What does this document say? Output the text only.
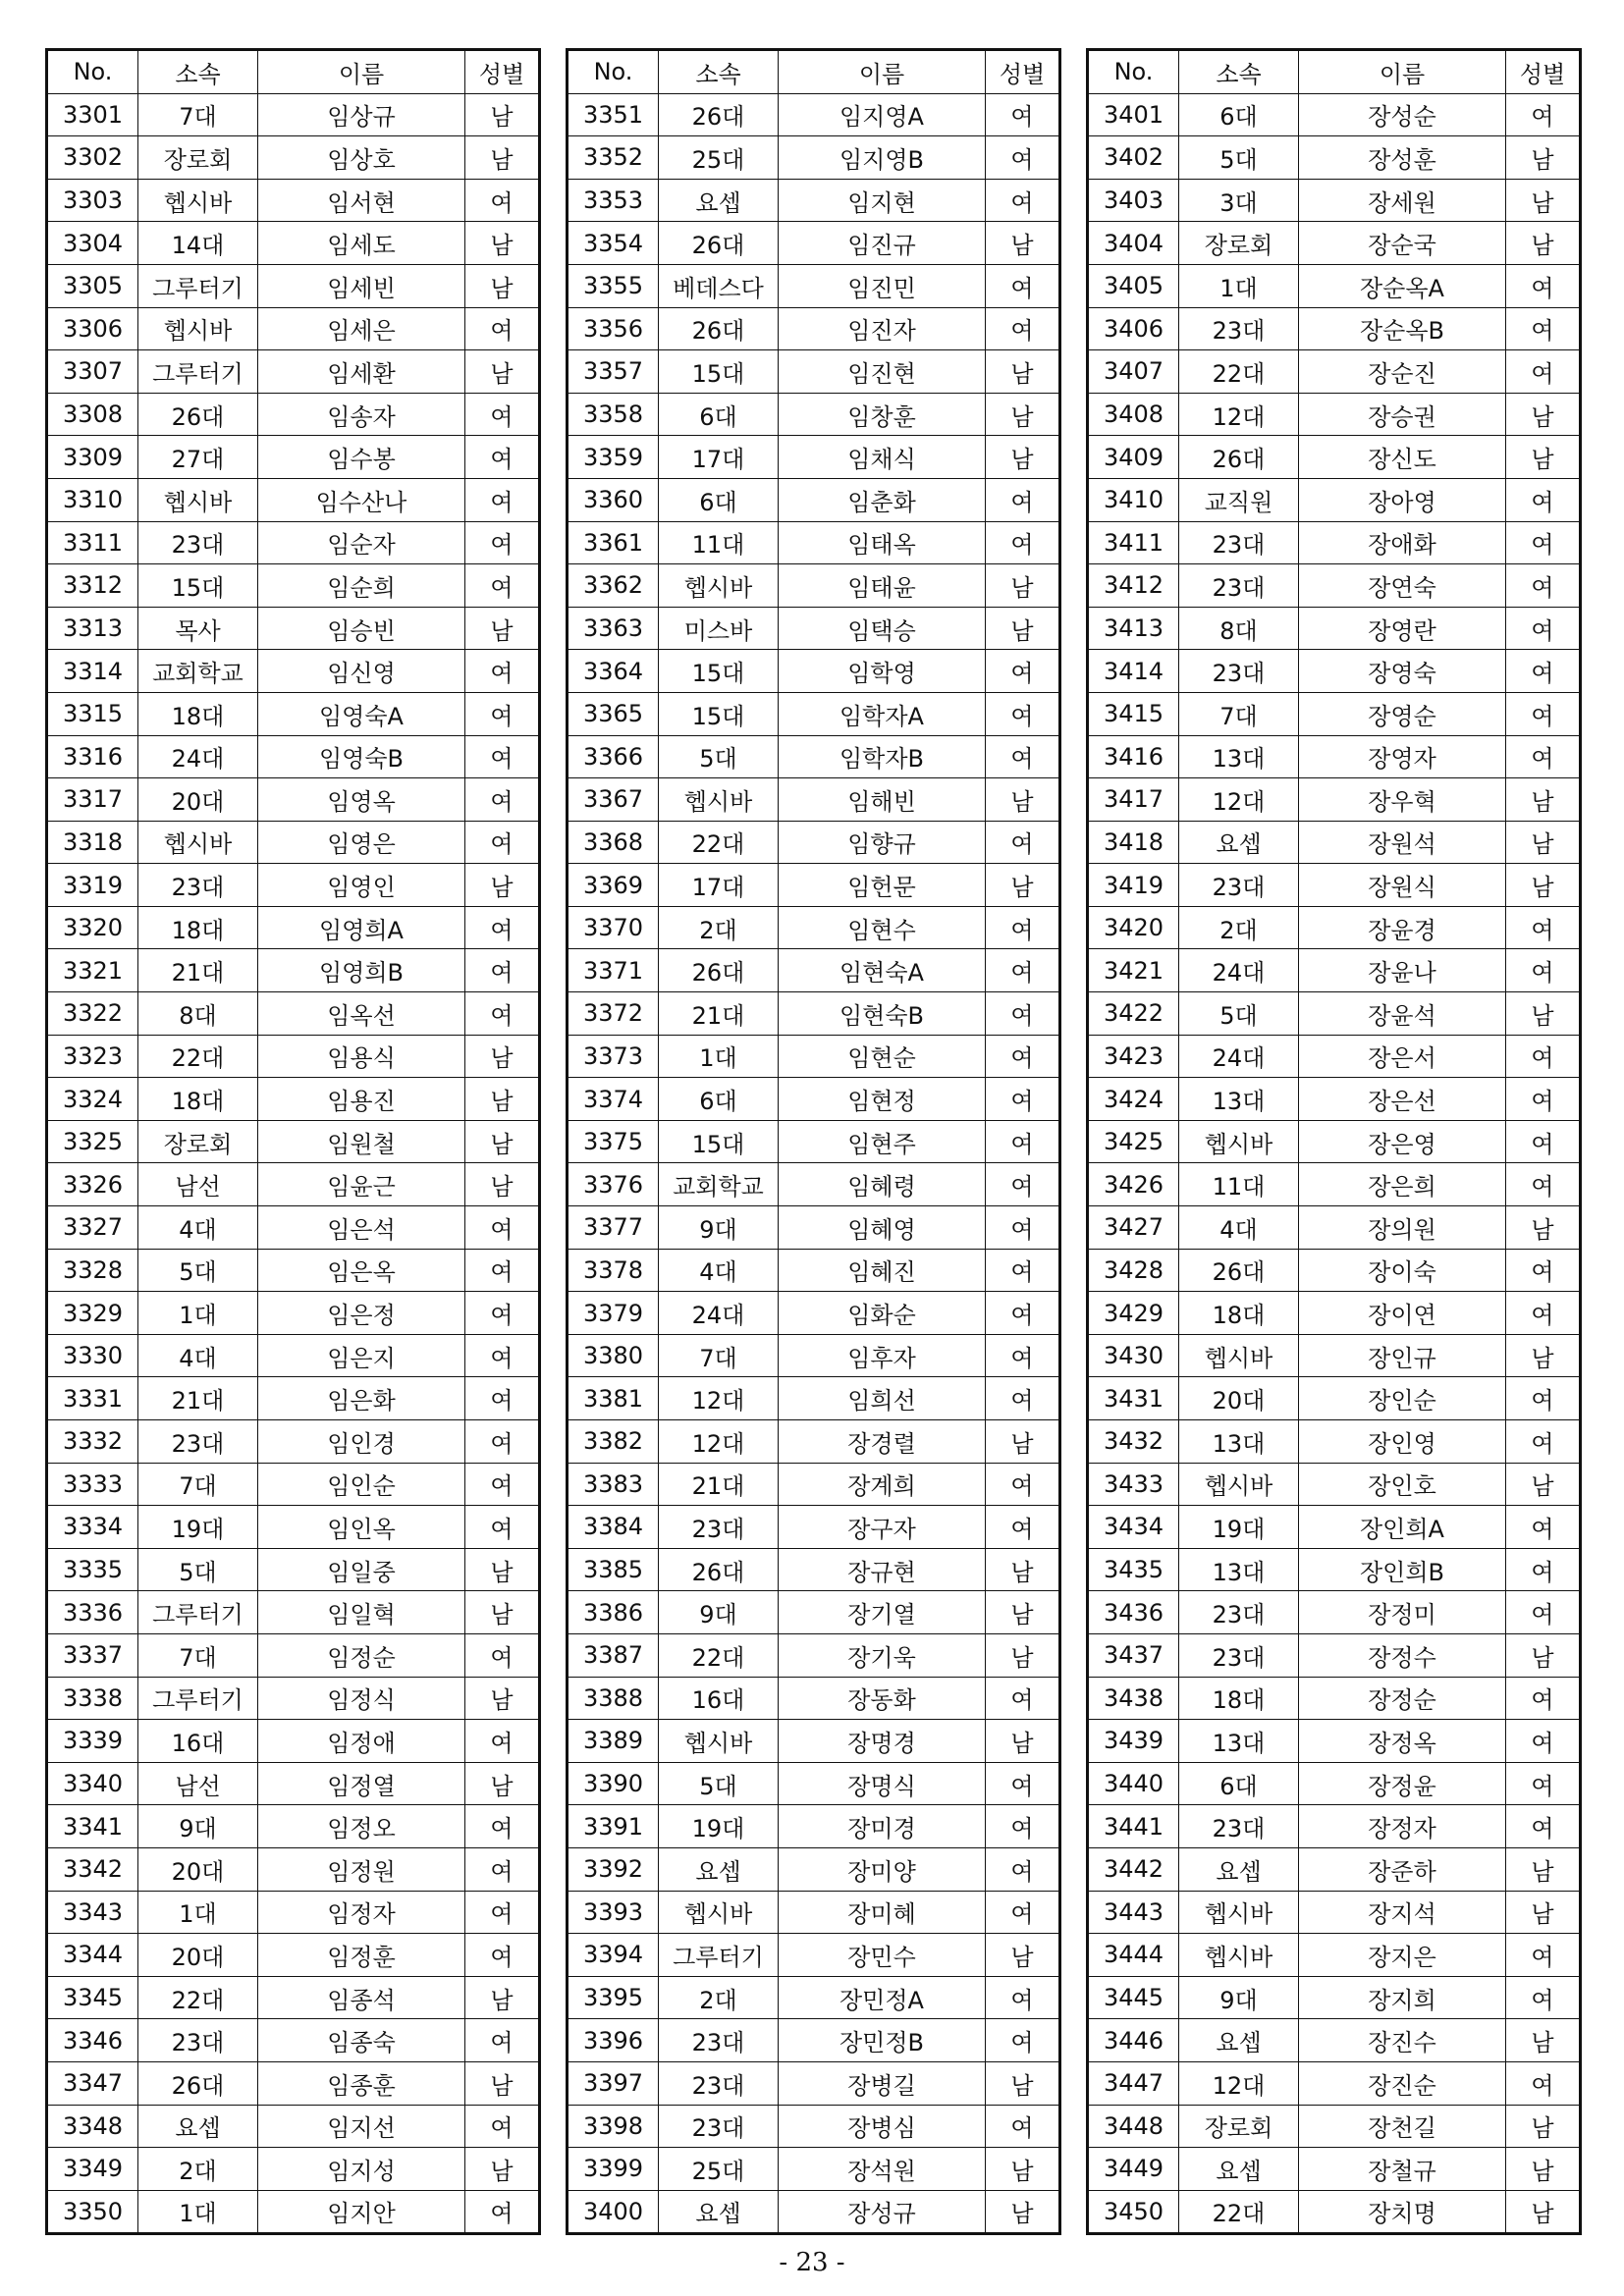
No.	소속	이름	성별
3301	7대	임상규	남
3302	장로회	임상호	남
3303	헵시바	임서현	여
3304	14대	임세도	남
3305	그루터기	임세빈	남
3306	헵시바	임세은	여
3307	그루터기	임세환	남
3308	26대	임송자	여
3309	27대	임수봉	여
3310	헵시바	임수산나	여
3311	23대	임순자	여
3312	15대	임순희	여
3313	목사	임승빈	남
3314	교회학교	임신영	여
3315	18대	임영숙A	여
3316	24대	임영숙B	여
3317	20대	임영옥	여
3318	헵시바	임영은	여
3319	23대	임영인	남
3320	18대	임영희A	여
3321	21대	임영희B	여
3322	8대	임옥선	여
3323	22대	임용식	남
3324	18대	임용진	남
3325	장로회	임원철	남
3326	남선	임윤근	남
3327	4대	임은석	여
3328	5대	임은옥	여
3329	1대	임은정	여
3330	4대	임은지	여
3331	21대	임은화	여
3332	23대	임인경	여
3333	7대	임인순	여
3334	19대	임인옥	여
3335	5대	임일중	남
3336	그루터기	임일혁	남
3337	7대	임정순	여
3338	그루터기	임정식	남
3339	16대	임정애	여
3340	남선	임정열	남
3341	9대	임정오	여
3342	20대	임정원	여
3343	1대	임정자	여
3344	20대	임정훈	여
3345	22대	임종석	남
3346	23대	임종숙	여
3347	26대	임종훈	남
3348	요셉	임지선	여
3349	2대	임지성	남
3350	1대	임지안	여
No.	소속	이름	성별
3351	26대	임지영A	여
3352	25대	임지영B	여
3353	요셉	임지현	여
3354	26대	임진규	남
3355	베데스다	임진민	여
3356	26대	임진자	여
3357	15대	임진현	남
3358	6대	임창훈	남
3359	17대	임채식	남
3360	6대	임춘화	여
3361	11대	임태옥	여
3362	헵시바	임태윤	남
3363	미스바	임택승	남
3364	15대	임학영	여
3365	15대	임학자A	여
3366	5대	임학자B	여
3367	헵시바	임해빈	남
3368	22대	임향규	여
3369	17대	임헌문	남
3370	2대	임현수	여
3371	26대	임현숙A	여
3372	21대	임현숙B	여
3373	1대	임현순	여
3374	6대	임현정	여
3375	15대	임현주	여
3376	교회학교	임혜령	여
3377	9대	임혜영	여
3378	4대	임혜진	여
3379	24대	임화순	여
3380	7대	임후자	여
3381	12대	임희선	여
3382	12대	장경렬	남
3383	21대	장계희	여
3384	23대	장구자	여
3385	26대	장규현	남
3386	9대	장기열	남
3387	22대	장기욱	남
3388	16대	장동화	여
3389	헵시바	장명경	남
3390	5대	장명식	여
3391	19대	장미경	여
3392	요셉	장미양	여
3393	헵시바	장미혜	여
3394	그루터기	장민수	남
3395	2대	장민정A	여
3396	23대	장민정B	여
3397	23대	장병길	남
3398	23대	장병심	여
3399	25대	장석원	남
3400	요셉	장성규	남
No.	소속	이름	성별
3401	6대	장성순	여
3402	5대	장성훈	남
3403	3대	장세원	남
3404	장로회	장순국	남
3405	1대	장순옥A	여
3406	23대	장순옥B	여
3407	22대	장순진	여
3408	12대	장승권	남
3409	26대	장신도	남
3410	교직원	장아영	여
3411	23대	장애화	여
3412	23대	장연숙	여
3413	8대	장영란	여
3414	23대	장영숙	여
3415	7대	장영순	여
3416	13대	장영자	여
3417	12대	장우혁	남
3418	요셉	장원석	남
3419	23대	장원식	남
3420	2대	장윤경	여
3421	24대	장윤나	여
3422	5대	장윤석	남
3423	24대	장은서	여
3424	13대	장은선	여
3425	헵시바	장은영	여
3426	11대	장은희	여
3427	4대	장의원	남
3428	26대	장이숙	여
3429	18대	장이연	여
3430	헵시바	장인규	남
3431	20대	장인순	여
3432	13대	장인영	여
3433	헵시바	장인호	남
3434	19대	장인희A	여
3435	13대	장인희B	여
3436	23대	장정미	여
3437	23대	장정수	남
3438	18대	장정순	여
3439	13대	장정옥	여
3440	6대	장정윤	여
3441	23대	장정자	여
3442	요셉	장준하	남
3443	헵시바	장지석	남
3444	헵시바	장지은	여
3445	9대	장지희	여
3446	요셉	장진수	남
3447	12대	장진순	여
3448	장로회	장천길	남
3449	요셉	장철규	남
3450	22대	장치명	남
- 23 -
